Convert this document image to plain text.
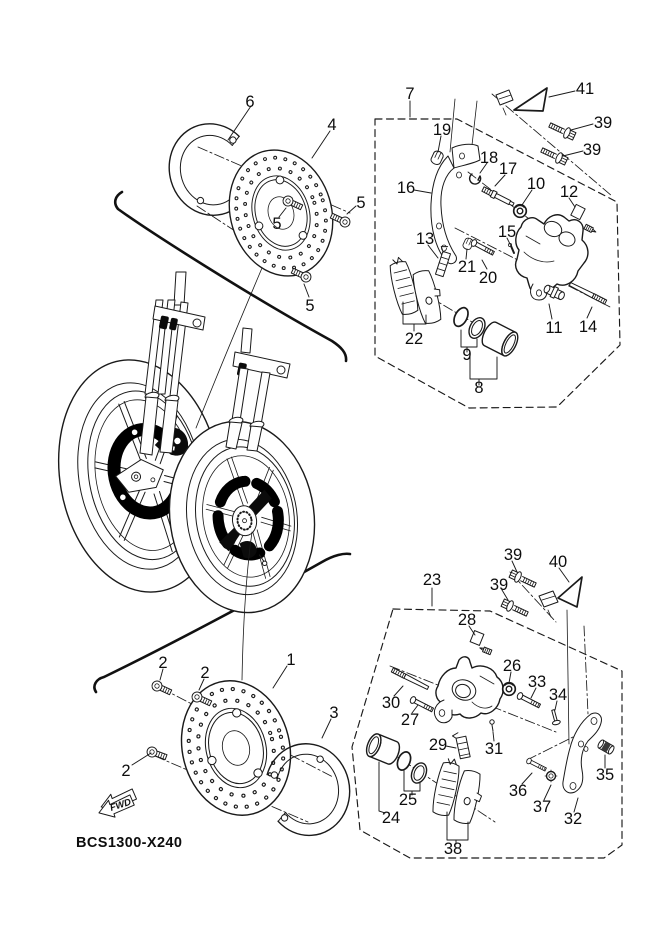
FWD
BCS1300-X240
6
4
5
5
5
7	41
39
39
19
18
17
16	10 12
15
13
21
20
11 14
22
9
8
2
2
1
3
2
23
39 40
39
28
26
33
34
30
27
29 31
25
24
38
36
37
32
35
